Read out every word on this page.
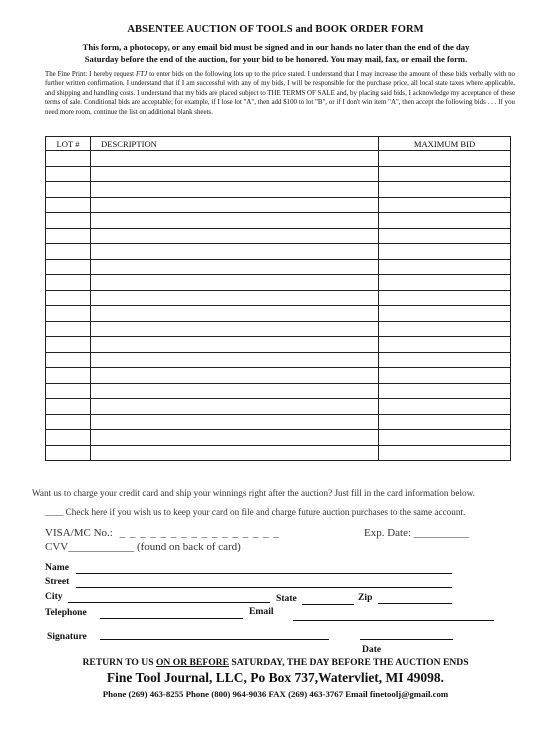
ABSENTEE AUCTION OF TOOLS and BOOK ORDER FORM
This form, a photocopy, or any email bid must be signed and in our hands no later than the end of the day
Saturday before the end of the auction, for your bid to be honored. You may mail, fax, or email the form.
The Fine Print: I hereby request FTJ to enter bids on the following lots up to the price stated. I understand that I may increase the amount of these bids verbally with no further written confirmation. I understand that if I am successful with any of my bids, I will be responsible for the purchase price, all local state taxes where applicable, and shipping and handling costs. I understand that my bids are placed subject to THE TERMS OF SALE and, by placing said bids, I acknowledge my acceptance of these terms of sale. Conditional bids are acceptable; for example, if I lose lot "A", then add $100 to lot "B", or if I don't win item "A", then accept the following bids . . . If you need more room, continue the list on additional blank sheets.
LOT #	DESCRIPTION	MAXIMUM BID

Want us to charge your credit card and ship your winnings right after the auction? Just fill in the card information below.
____ Check here if you wish us to keep your card on file and charge future auction purchases to the same account.
VISA/MC No.: _ _ _ _ _ _ _ _ _ _ _ _ _ _ _ _	Exp. Date: __________
CVV____________ (found on back of card)
Name
Street
City	State	Zip
Telephone	Email
Signature
Date
RETURN TO US ON OR BEFORE SATURDAY, THE DAY BEFORE THE AUCTION ENDS
Fine Tool Journal, LLC, Po Box 737,Watervliet, MI 49098.
Phone (269) 463-8255 Phone (800) 964-9036 FAX (269) 463-3767 Email finetoolj@gmail.com
